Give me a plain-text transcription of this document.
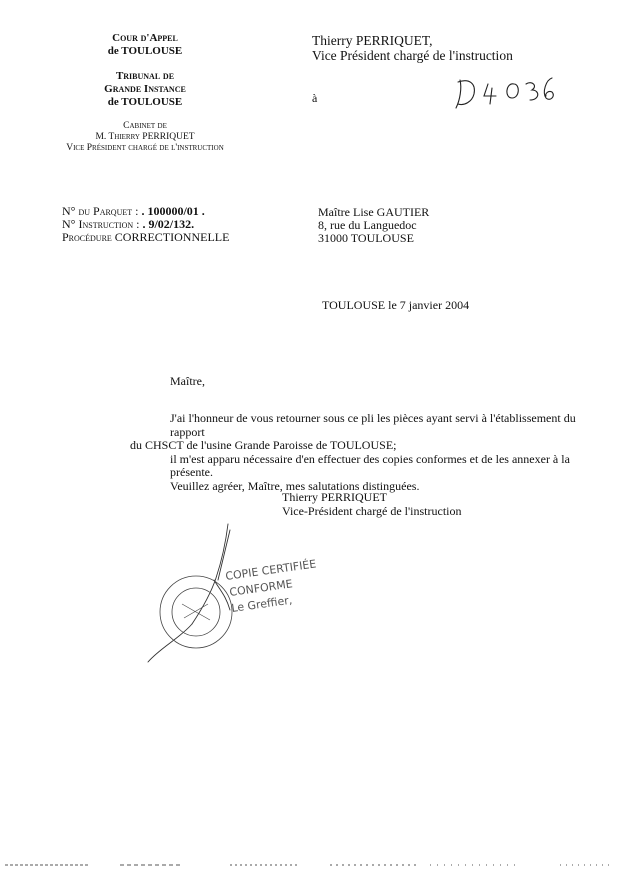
Cour d'Appel
de TOULOUSE
Tribunal de
Grande Instance
de TOULOUSE
Cabinet de
M. Thierry PERRIQUET
Vice Président chargé de l'instruction
Thierry PERRIQUET,
Vice Président chargé de l'instruction
à
N° du Parquet : . 100000/01 .
N° Instruction : . 9/02/132.
Procédure CORRECTIONNELLE
Maître Lise GAUTIER
8, rue du Languedoc
31000 TOULOUSE
TOULOUSE le 7 janvier 2004
Maître,

J'ai l'honneur de vous retourner sous ce pli les pièces ayant servi à l'établissement du rapport

du CHSCT de l'usine Grande Paroisse de TOULOUSE;

il m'est apparu nécessaire d'en effectuer des copies conformes et de les annexer à la présente.

Veuillez agréer, Maître, mes salutations distinguées.

Thierry PERRIQUET
Vice-Président chargé de l'instruction
COPIE CERTIFIÉE
CONFORME
Le Greffier,
